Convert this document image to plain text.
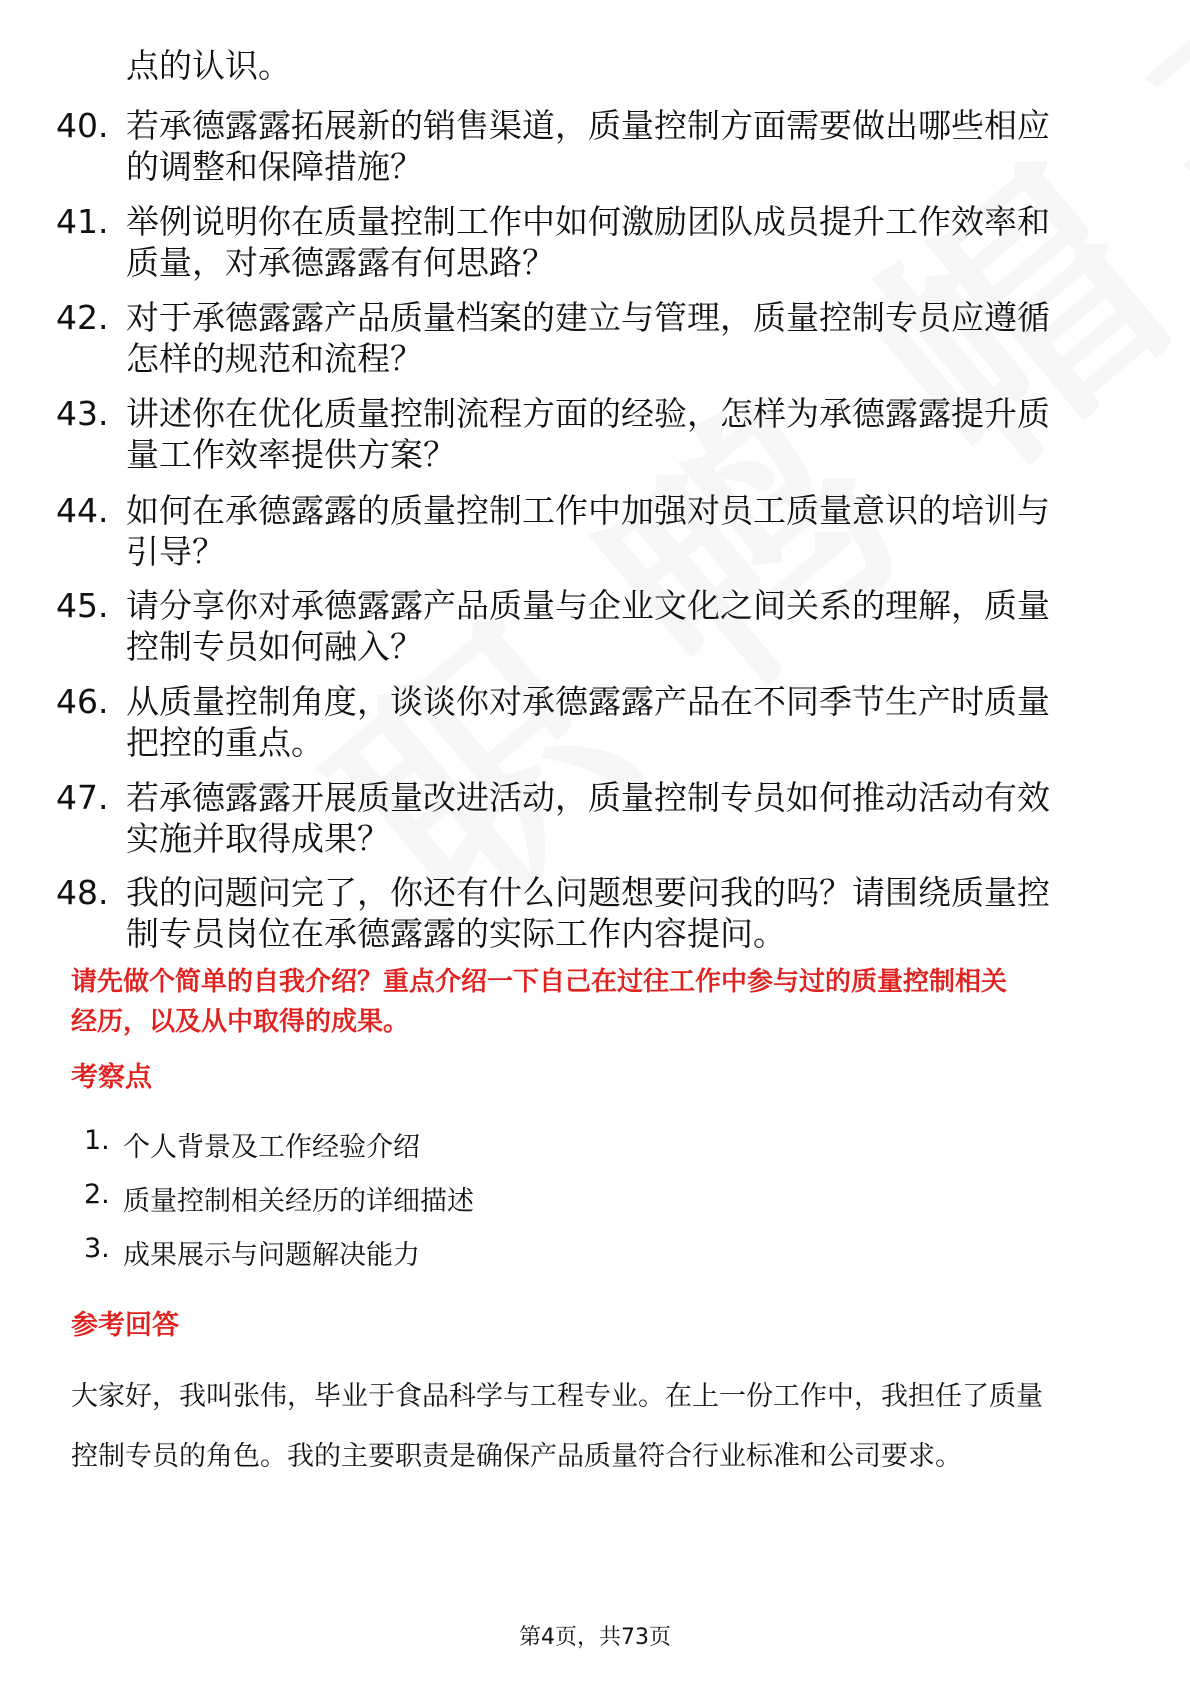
点的认识。
40. 若承德露露拓展新的销售渠道，质量控制方面需要做出哪些相应
的调整和保障措施？
41. 举例说明你在质量控制工作中如何激励团队成员提升工作效率和
质量，对承德露露有何思路？
42. 对于承德露露产品质量档案的建立与管理，质量控制专员应遵循
怎样的规范和流程？
43. 讲述你在优化质量控制流程方面的经验，怎样为承德露露提升质
量工作效率提供方案？
44. 如何在承德露露的质量控制工作中加强对员工质量意识的培训与
引导？
45. 请分享你对承德露露产品质量与企业文化之间关系的理解，质量
控制专员如何融入？
46. 从质量控制角度，谈谈你对承德露露产品在不同季节生产时质量
把控的重点。
47. 若承德露露开展质量改进活动，质量控制专员如何推动活动有效
实施并取得成果？
48. 我的问题问完了，你还有什么问题想要问我的吗？请围绕质量控
制专员岗位在承德露露的实际工作内容提问。
请先做个简单的自我介绍？重点介绍一下自己在过往工作中参与过的质量控制相关
经历，以及从中取得的成果。
考察点
1. 个人背景及工作经验介绍
2. 质量控制相关经历的详细描述
3. 成果展示与问题解决能力
参考回答
大家好，我叫张伟，毕业于食品科学与工程专业。在上一份工作中，我担任了质量
控制专员的角色。我的主要职责是确保产品质量符合行业标准和公司要求。
第4页，共73页
